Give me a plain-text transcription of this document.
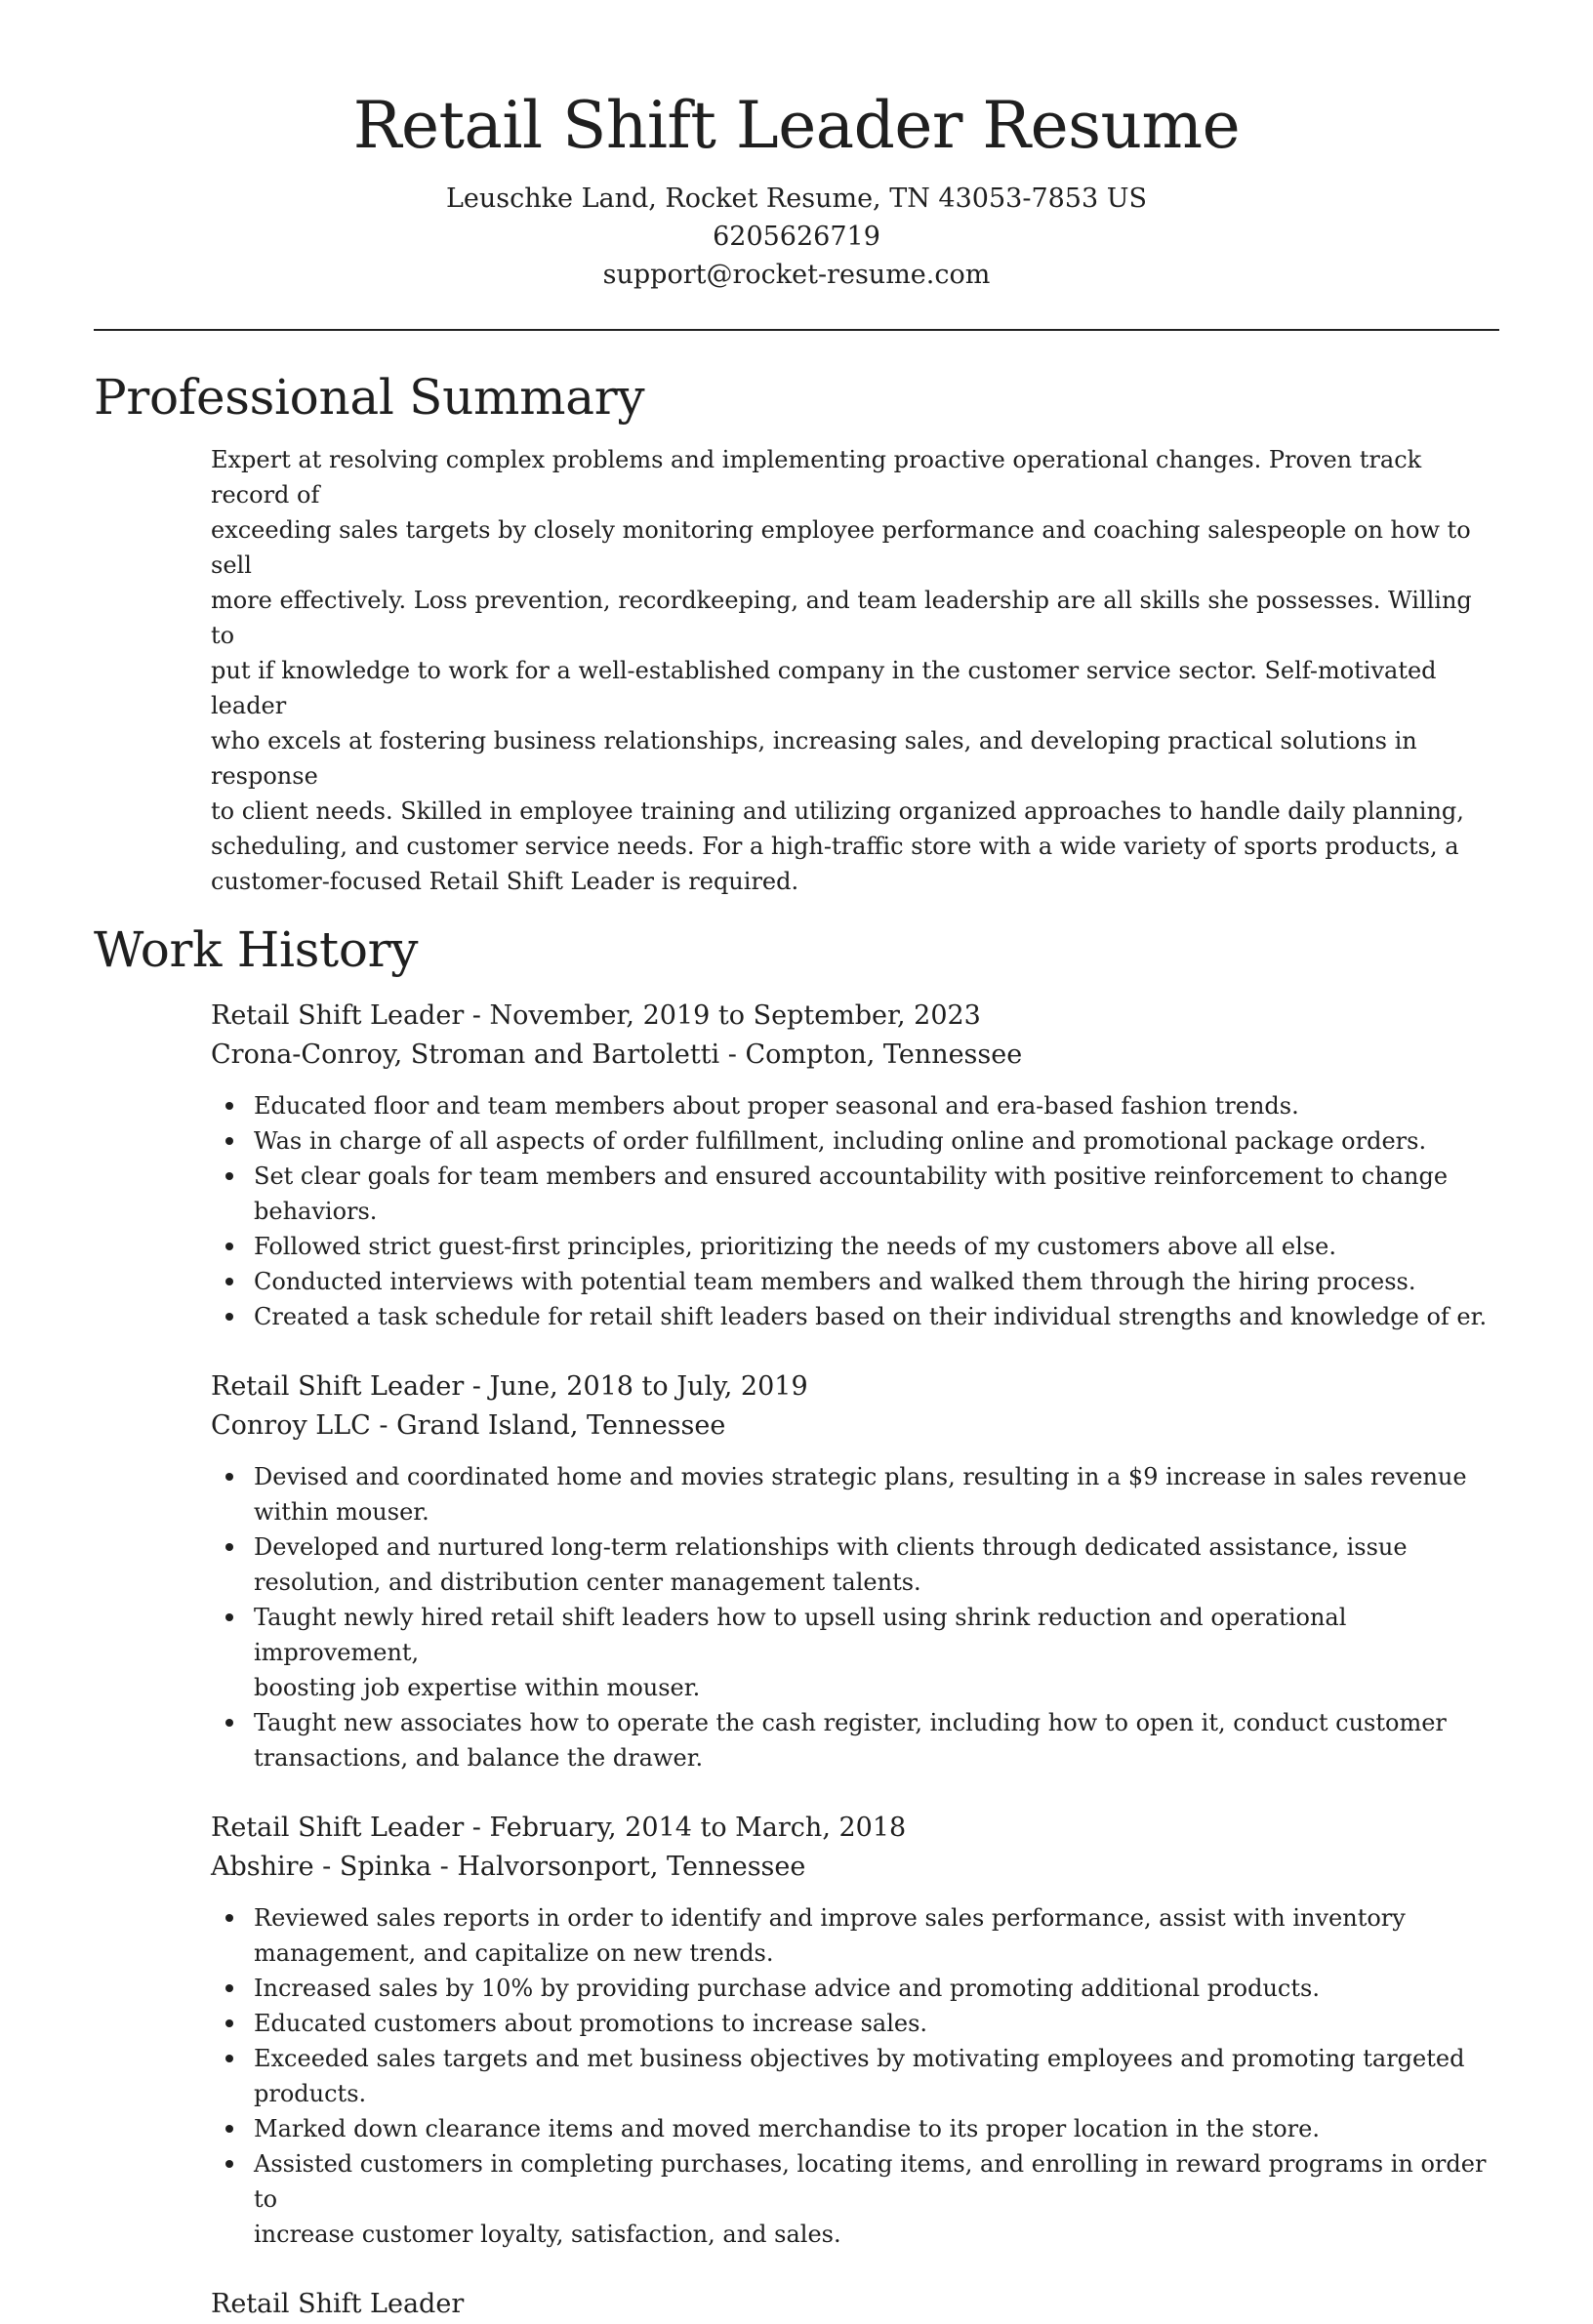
Retail Shift Leader Resume
Leuschke Land, Rocket Resume, TN 43053-7853 US
6205626719
support@rocket-resume.com
Professional Summary
Expert at resolving complex problems and implementing proactive operational changes. Proven track record of
exceeding sales targets by closely monitoring employee performance and coaching salespeople on how to sell
more effectively. Loss prevention, recordkeeping, and team leadership are all skills she possesses. Willing to
put if knowledge to work for a well-established company in the customer service sector. Self-motivated leader
who excels at fostering business relationships, increasing sales, and developing practical solutions in response
to client needs. Skilled in employee training and utilizing organized approaches to handle daily planning,
scheduling, and customer service needs. For a high-traffic store with a wide variety of sports products, a
customer-focused Retail Shift Leader is required.
Work History
Retail Shift Leader - November, 2019 to September, 2023
Crona-Conroy, Stroman and Bartoletti - Compton, Tennessee
Educated floor and team members about proper seasonal and era-based fashion trends.
Was in charge of all aspects of order fulfillment, including online and promotional package orders.
Set clear goals for team members and ensured accountability with positive reinforcement to change
behaviors.
Followed strict guest-first principles, prioritizing the needs of my customers above all else.
Conducted interviews with potential team members and walked them through the hiring process.
Created a task schedule for retail shift leaders based on their individual strengths and knowledge of er.
Retail Shift Leader - June, 2018 to July, 2019
Conroy LLC - Grand Island, Tennessee
Devised and coordinated home and movies strategic plans, resulting in a $9 increase in sales revenue
within mouser.
Developed and nurtured long-term relationships with clients through dedicated assistance, issue
resolution, and distribution center management talents.
Taught newly hired retail shift leaders how to upsell using shrink reduction and operational improvement,
boosting job expertise within mouser.
Taught new associates how to operate the cash register, including how to open it, conduct customer
transactions, and balance the drawer.
Retail Shift Leader - February, 2014 to March, 2018
Abshire - Spinka - Halvorsonport, Tennessee
Reviewed sales reports in order to identify and improve sales performance, assist with inventory
management, and capitalize on new trends.
Increased sales by 10% by providing purchase advice and promoting additional products.
Educated customers about promotions to increase sales.
Exceeded sales targets and met business objectives by motivating employees and promoting targeted
products.
Marked down clearance items and moved merchandise to its proper location in the store.
Assisted customers in completing purchases, locating items, and enrolling in reward programs in order to
increase customer loyalty, satisfaction, and sales.
Retail Shift Leader
